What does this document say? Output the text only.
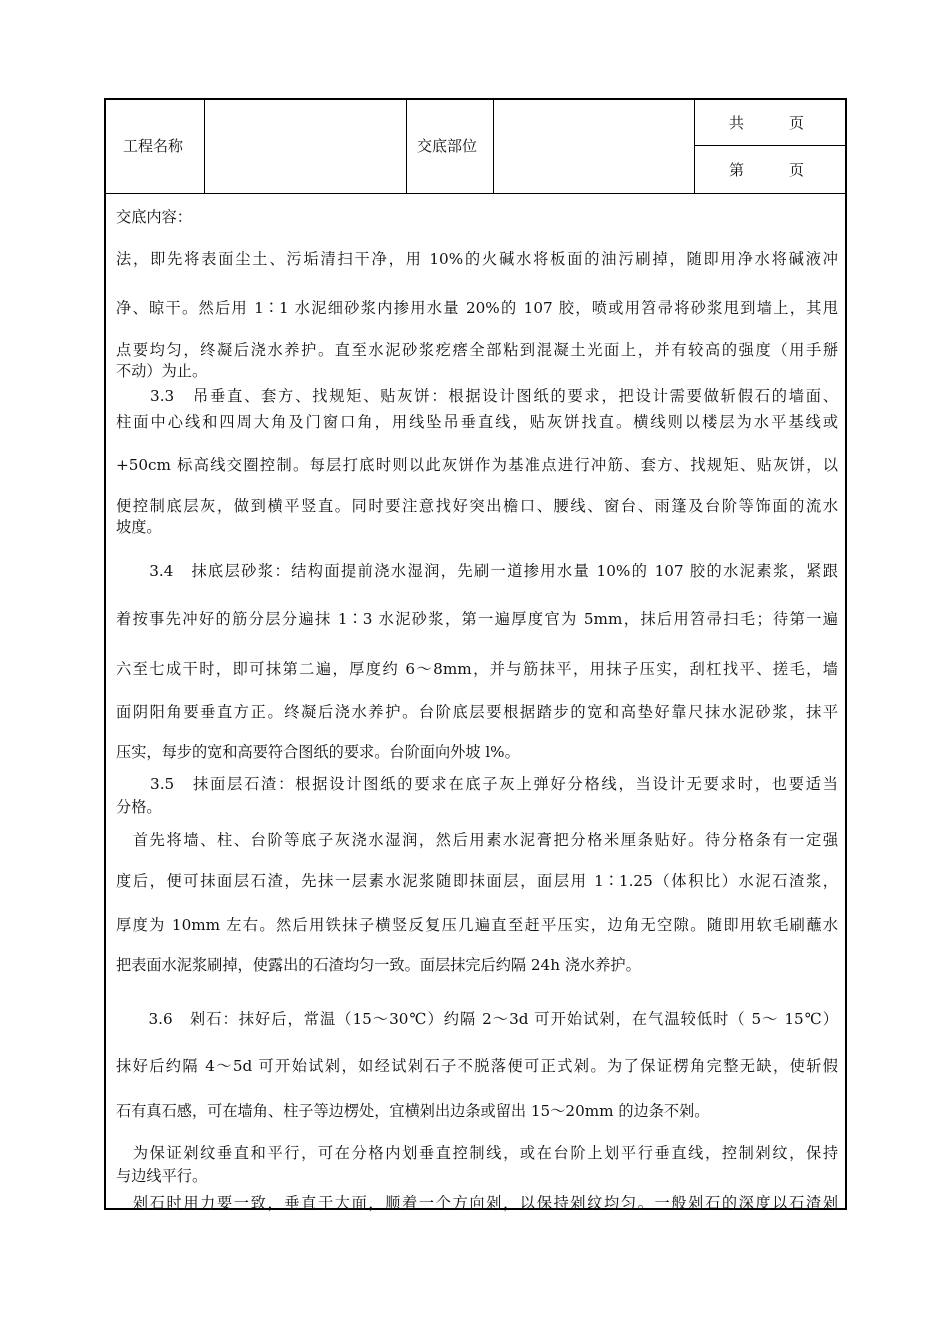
工程名称	交底部位
共　　　页
第　　　页
交底内容：
法，即先将表面尘土、污垢清扫干净，用 10%的火碱水将板面的油污刷掉，随即用净水将碱液冲
净、晾干。然后用 1∶1 水泥细砂浆内掺用水量 20%的 107 胶，喷或用笤帚将砂浆甩到墙上，其甩
点要均匀，终凝后浇水养护。直至水泥砂浆疙瘩全部粘到混凝土光面上，并有较高的强度（用手掰
不动）为止。
　　3.3　吊垂直、套方、找规矩、贴灰饼：根据设计图纸的要求，把设计需要做斩假石的墙面、
柱面中心线和四周大角及门窗口角，用线坠吊垂直线，贴灰饼找直。横线则以楼层为水平基线或
+50cm 标高线交圈控制。每层打底时则以此灰饼作为基准点进行冲筋、套方、找规矩、贴灰饼，以
便控制底层灰，做到横平竖直。同时要注意找好突出檐口、腰线、窗台、雨篷及台阶等饰面的流水
坡度。
　　3.4　抹底层砂浆：结构面提前浇水湿润，先刷一道掺用水量 10%的 107 胶的水泥素浆，紧跟
着按事先冲好的筋分层分遍抹 1∶3 水泥砂浆，第一遍厚度官为 5mm，抹后用笤帚扫毛；待第一遍
六至七成干时，即可抹第二遍，厚度约 6～8mm，并与筋抹平，用抹子压实，刮杠找平、搓毛，墙
面阴阳角要垂直方正。终凝后浇水养护。台阶底层要根据踏步的宽和高垫好靠尺抹水泥砂浆，抹平
压实，每步的宽和高要符合图纸的要求。台阶面向外坡 l%。
　　3.5　抹面层石渣：根据设计图纸的要求在底子灰上弹好分格线，当设计无要求时，也要适当
分格。
　首先将墙、柱、台阶等底子灰浇水湿润，然后用素水泥膏把分格米厘条贴好。待分格条有一定强
度后，便可抹面层石渣，先抹一层素水泥浆随即抹面层，面层用 1∶1.25（体积比）水泥石渣浆，
厚度为 10mm 左右。然后用铁抹子横竖反复压几遍直至赶平压实，边角无空隙。随即用软毛刷蘸水
把表面水泥浆刷掉，使露出的石渣均匀一致。面层抹完后约隔 24h 浇水养护。
　　3.6　剁石：抹好后，常温（15～30℃）约隔 2～3d 可开始试剁，在气温较低时（ 5～ 15℃）
抹好后约隔 4～5d 可开始试剁，如经试剁石子不脱落便可正式剁。为了保证楞角完整无缺，使斩假
石有真石感，可在墙角、柱子等边楞处，宜横剁出边条或留出 15～20mm 的边条不剁。
　为保证剁纹垂直和平行，可在分格内划垂直控制线，或在台阶上划平行垂直线，控制剁纹，保持
与边线平行。
　剁石时用力要一致，垂直于大面，顺着一个方向剁，以保持剁纹均匀。一般剁石的深度以石渣剁
